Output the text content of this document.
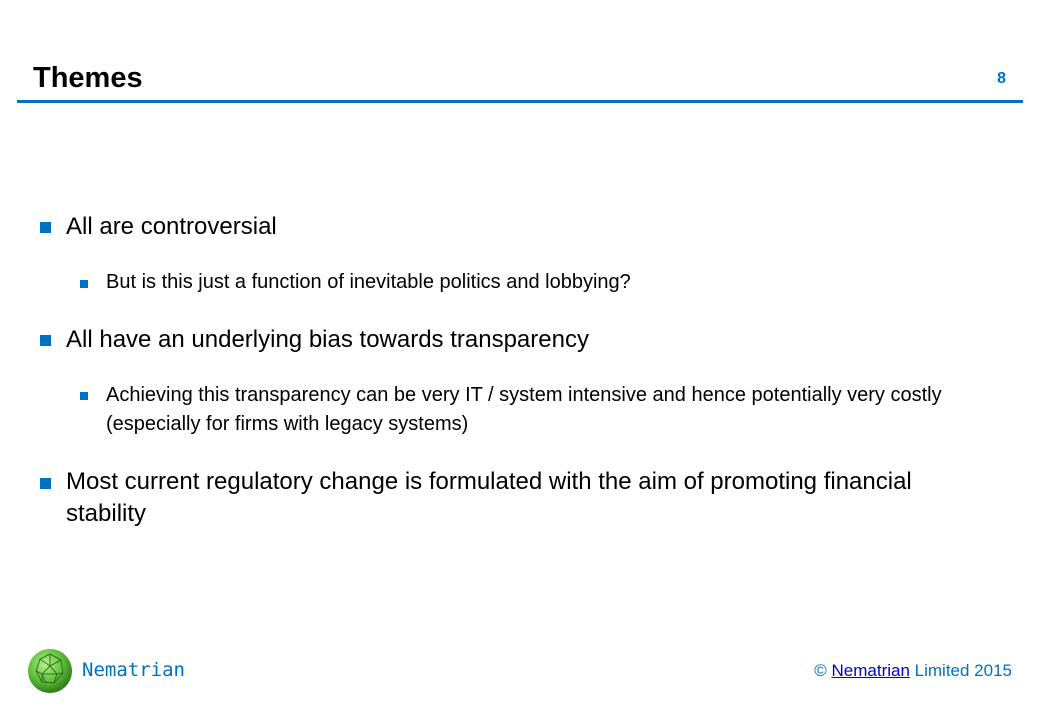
Themes	8
All are controversial
But is this just a function of inevitable politics and lobbying?
All have an underlying bias towards transparency
Achieving this transparency can be very IT / system intensive and hence potentially very costly (especially for firms with legacy systems)
Most current regulatory change is formulated with the aim of promoting financial stability
Nematrian	© Nematrian Limited 2015
